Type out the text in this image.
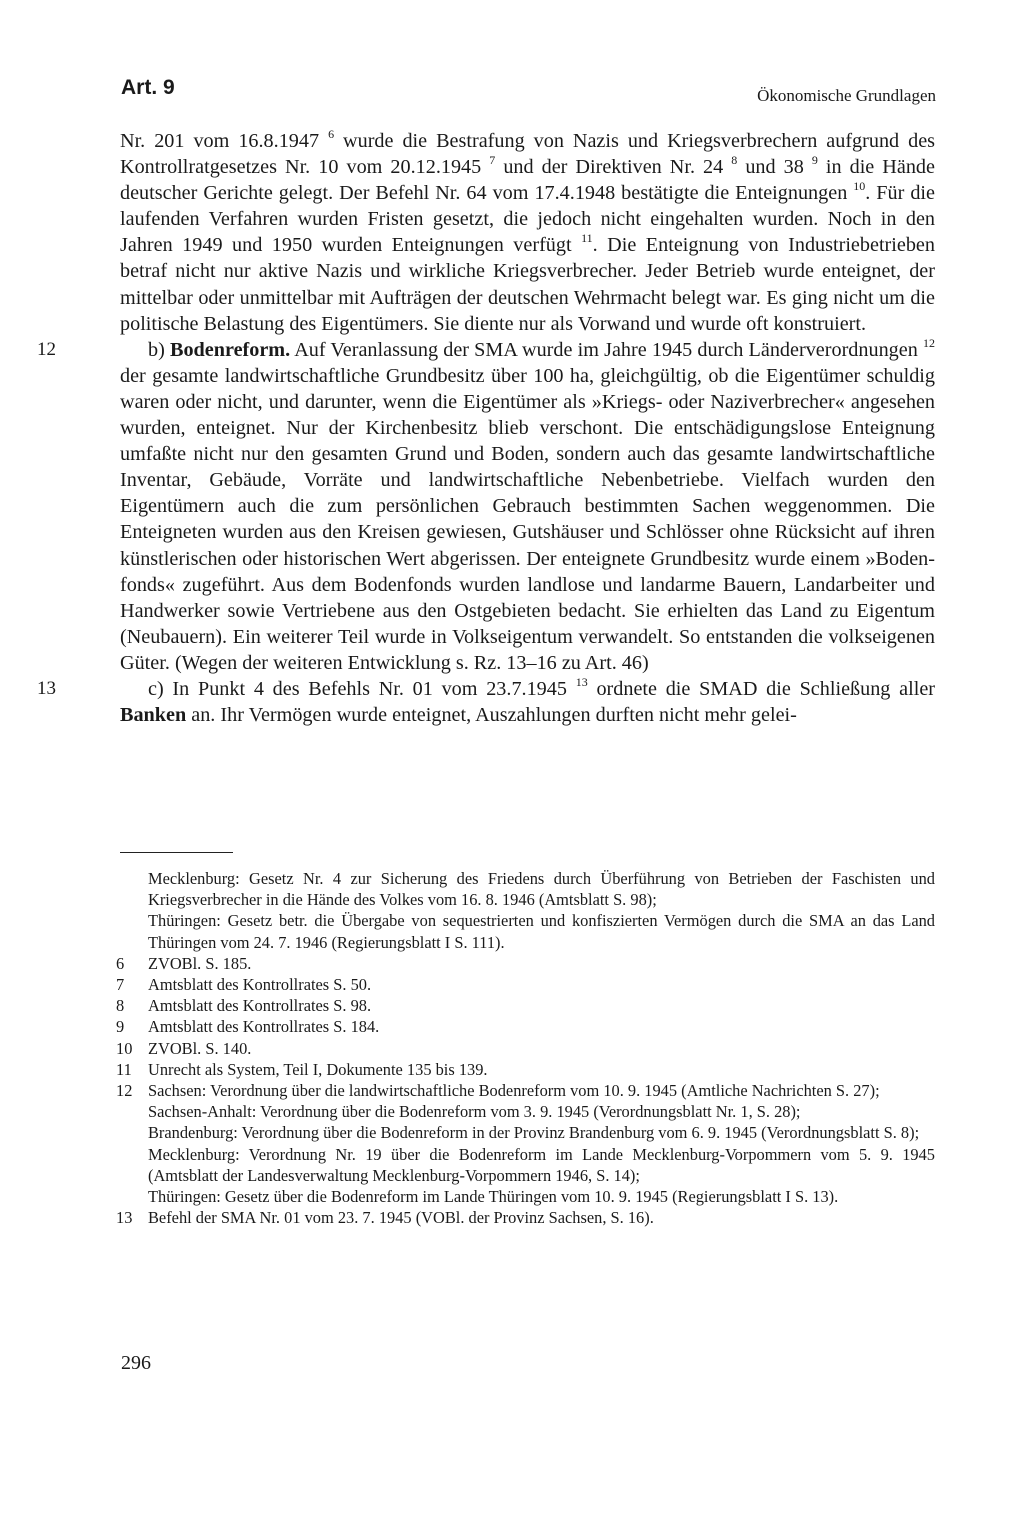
Art. 9	Ökonomische Grundlagen

Nr. 201 vom 16.8.1947 $^6$ wurde die Bestrafung von Nazis und Kriegsverbrechern aufgrund des Kontrollratgesetzes Nr. 10 vom 20.12.1945 $^7$ und der Direktiven Nr. 24 $^8$ und 38 $^9$ in die Hände deutscher Gerichte gelegt. Der Befehl Nr. 64 vom 17.4.1948 bestätigte die Enteignungen $^{10}$. Für die laufenden Verfahren wurden Fristen gesetzt, die jedoch nicht eingehalten wurden. Noch in den Jahren 1949 und 1950 wurden Enteignungen verfügt $^{11}$. Die Enteignung von Industriebetrieben betraf nicht nur aktive Nazis und wirkliche Kriegsverbrecher. Jeder Betrieb wurde enteignet, der mittelbar oder unmittelbar mit Aufträgen der deutschen Wehrmacht belegt war. Es ging nicht um die politische Belastung des Eigentümers. Sie diente nur als Vorwand und wurde oft konstruiert.

12	b) Bodenreform. Auf Veranlassung der SMA wurde im Jahre 1945 durch Länderverordnungen $^{12}$ der gesamte landwirtschaftliche Grundbesitz über 100 ha, gleichgültig, ob die Eigentümer schuldig waren oder nicht, und darunter, wenn die Eigentümer als »Kriegs- oder Naziverbrecher« angesehen wurden, enteignet. Nur der Kirchenbesitz blieb verschont. Die entschädigungslose Enteignung umfaßte nicht nur den gesamten Grund und Boden, sondern auch das gesamte landwirtschaftliche Inventar, Gebäude, Vorräte und landwirtschaftliche Nebenbetriebe. Vielfach wurden den Eigentümern auch die zum persönlichen Gebrauch bestimmten Sachen weggenommen. Die Enteigneten wurden aus den Kreisen gewiesen, Gutshäuser und Schlösser ohne Rücksicht auf ihren künstlerischen oder historischen Wert abgerissen. Der enteignete Grundbesitz wurde einem »Bodenfonds« zugeführt. Aus dem Bodenfonds wurden landlose und landarme Bauern, Landarbeiter und Handwerker sowie Vertriebene aus den Ostgebieten bedacht. Sie erhielten das Land zu Eigentum (Neubauern). Ein weiterer Teil wurde in Volkseigentum verwandelt. So entstanden die volkseigenen Güter. (Wegen der weiteren Entwicklung s. Rz. 13–16 zu Art. 46)

13	c) In Punkt 4 des Befehls Nr. 01 vom 23.7.1945 $^{13}$ ordnete die SMAD die Schließung aller Banken an. Ihr Vermögen wurde enteignet, Auszahlungen durften nicht mehr gelei-

Mecklenburg: Gesetz Nr. 4 zur Sicherung des Friedens durch Überführung von Betrieben der Faschisten und Kriegsverbrecher in die Hände des Volkes vom 16. 8. 1946 (Amtsblatt S. 98);
Thüringen: Gesetz betr. die Übergabe von sequestrierten und konfiszierten Vermögen durch die SMA an das Land Thüringen vom 24. 7. 1946 (Regierungsblatt I S. 111).
6 ZVOBl. S. 185.
7 Amtsblatt des Kontrollrates S. 50.
8 Amtsblatt des Kontrollrates S. 98.
9 Amtsblatt des Kontrollrates S. 184.
10 ZVOBl. S. 140.
11 Unrecht als System, Teil I, Dokumente 135 bis 139.
12 Sachsen: Verordnung über die landwirtschaftliche Bodenreform vom 10. 9. 1945 (Amtliche Nachrichten S. 27);
Sachsen-Anhalt: Verordnung über die Bodenreform vom 3. 9. 1945 (Verordnungsblatt Nr. 1, S. 28);
Brandenburg: Verordnung über die Bodenreform in der Provinz Brandenburg vom 6. 9. 1945 (Verordnungsblatt S. 8);
Mecklenburg: Verordnung Nr. 19 über die Bodenreform im Lande Mecklenburg-Vorpommern vom 5. 9. 1945 (Amtsblatt der Landesverwaltung Mecklenburg-Vorpommern 1946, S. 14);
Thüringen: Gesetz über die Bodenreform im Lande Thüringen vom 10. 9. 1945 (Regierungsblatt I S. 13).
13 Befehl der SMA Nr. 01 vom 23. 7. 1945 (VOBl. der Provinz Sachsen, S. 16).
296
